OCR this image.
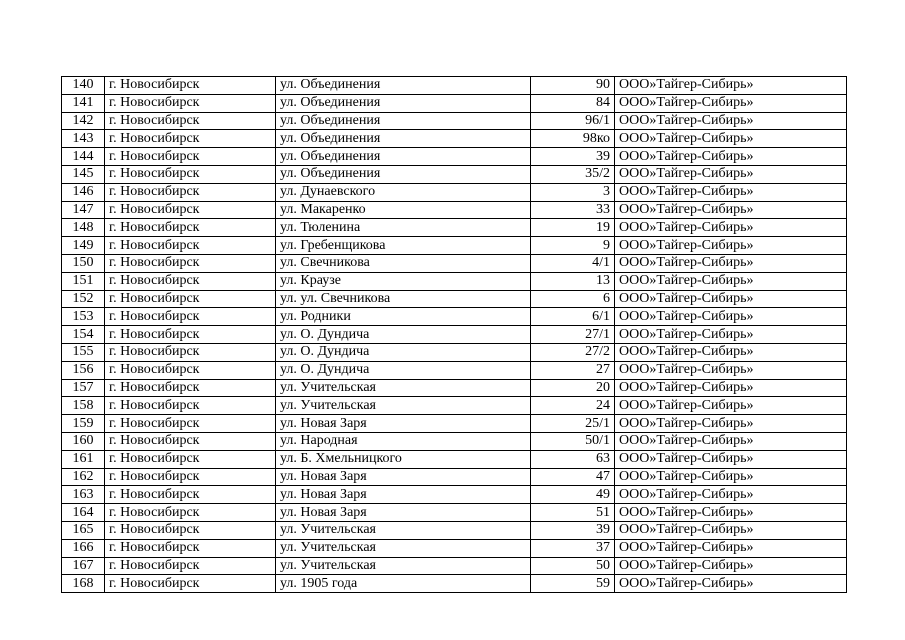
140	г. Новосибирск	ул. Объединения	90	ООО»Тайгер-Сибирь»
141	г. Новосибирск	ул. Объединения	84	ООО»Тайгер-Сибирь»
142	г. Новосибирск	ул. Объединения	96/1	ООО»Тайгер-Сибирь»
143	г. Новосибирск	ул. Объединения	98ко	ООО»Тайгер-Сибирь»
144	г. Новосибирск	ул. Объединения	39	ООО»Тайгер-Сибирь»
145	г. Новосибирск	ул. Объединения	35/2	ООО»Тайгер-Сибирь»
146	г. Новосибирск	ул. Дунаевского	3	ООО»Тайгер-Сибирь»
147	г. Новосибирск	ул. Макаренко	33	ООО»Тайгер-Сибирь»
148	г. Новосибирск	ул. Тюленина	19	ООО»Тайгер-Сибирь»
149	г. Новосибирск	ул. Гребенщикова	9	ООО»Тайгер-Сибирь»
150	г. Новосибирск	ул. Свечникова	4/1	ООО»Тайгер-Сибирь»
151	г. Новосибирск	ул. Краузе	13	ООО»Тайгер-Сибирь»
152	г. Новосибирск	ул. ул. Свечникова	6	ООО»Тайгер-Сибирь»
153	г. Новосибирск	ул. Родники	6/1	ООО»Тайгер-Сибирь»
154	г. Новосибирск	ул. О. Дундича	27/1	ООО»Тайгер-Сибирь»
155	г. Новосибирск	ул. О. Дундича	27/2	ООО»Тайгер-Сибирь»
156	г. Новосибирск	ул. О. Дундича	27	ООО»Тайгер-Сибирь»
157	г. Новосибирск	ул. Учительская	20	ООО»Тайгер-Сибирь»
158	г. Новосибирск	ул. Учительская	24	ООО»Тайгер-Сибирь»
159	г. Новосибирск	ул. Новая Заря	25/1	ООО»Тайгер-Сибирь»
160	г. Новосибирск	ул. Народная	50/1	ООО»Тайгер-Сибирь»
161	г. Новосибирск	ул. Б. Хмельницкого	63	ООО»Тайгер-Сибирь»
162	г. Новосибирск	ул. Новая Заря	47	ООО»Тайгер-Сибирь»
163	г. Новосибирск	ул. Новая Заря	49	ООО»Тайгер-Сибирь»
164	г. Новосибирск	ул. Новая Заря	51	ООО»Тайгер-Сибирь»
165	г. Новосибирск	ул. Учительская	39	ООО»Тайгер-Сибирь»
166	г. Новосибирск	ул. Учительская	37	ООО»Тайгер-Сибирь»
167	г. Новосибирск	ул. Учительская	50	ООО»Тайгер-Сибирь»
168	г. Новосибирск	ул. 1905 года	59	ООО»Тайгер-Сибирь»
